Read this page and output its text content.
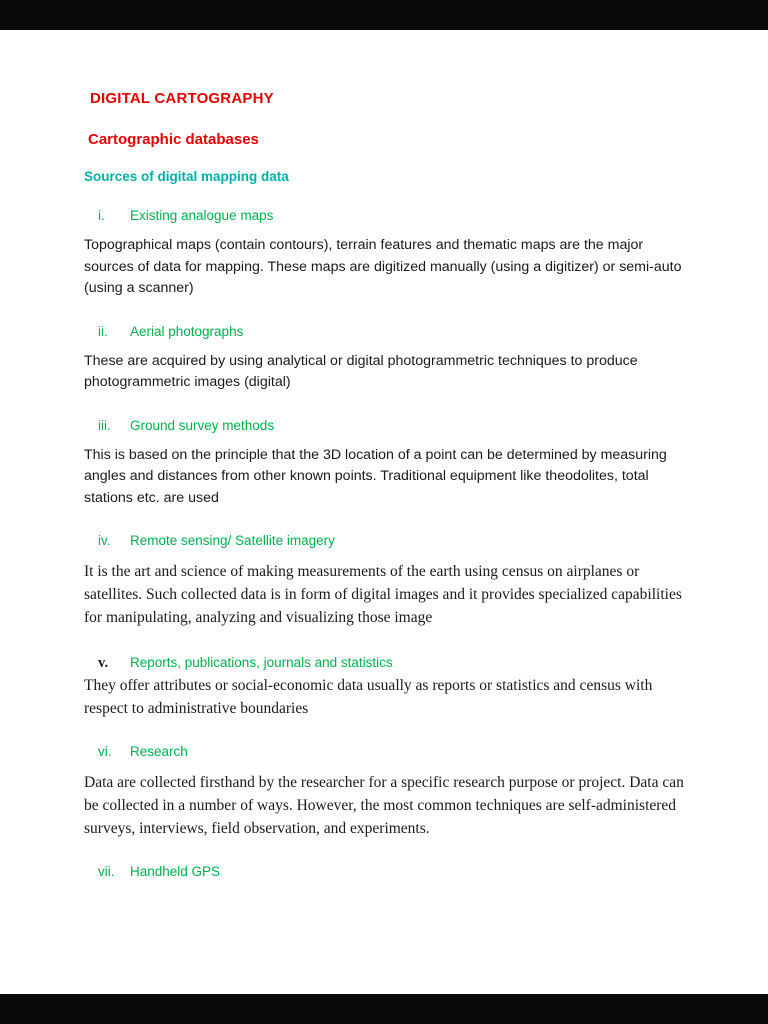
DIGITAL CARTOGRAPHY
Cartographic databases
Sources of digital mapping data
i. Existing analogue maps

Topographical maps (contain contours), terrain features and thematic maps are the major sources of data for mapping. These maps are digitized manually (using a digitizer) or semi-auto (using a scanner)

ii. Aerial photographs

These are acquired by using analytical or digital photogrammetric techniques to produce photogrammetric images (digital)

iii. Ground survey methods

This is based on the principle that the 3D location of a point can be determined by measuring angles and distances from other known points. Traditional equipment like theodolites, total stations etc. are used

iv. Remote sensing/ Satellite imagery

It is the art and science of making measurements of the earth using census on airplanes or satellites. Such collected data is in form of digital images and it provides specialized capabilities for manipulating, analyzing and visualizing those image

v. Reports, publications, journals and statistics

They offer attributes or social-economic data usually as reports or statistics and census with respect to administrative boundaries

vi. Research

Data are collected firsthand by the researcher for a specific research purpose or project. Data can be collected in a number of ways. However, the most common techniques are self-administered surveys, interviews, field observation, and experiments.

vii. Handheld GPS
